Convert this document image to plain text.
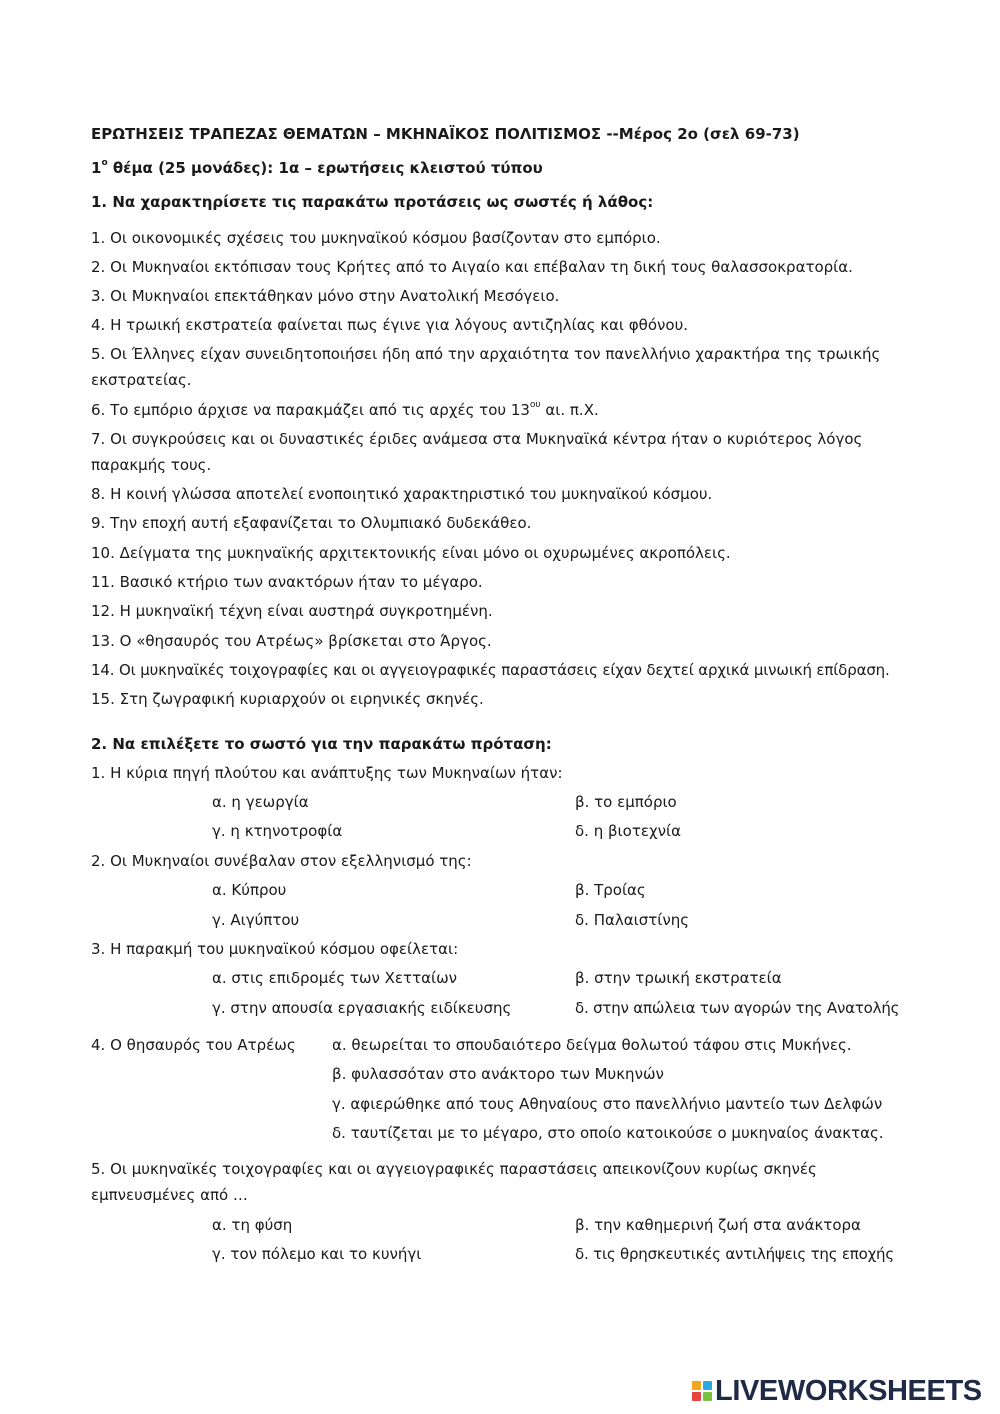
ΕΡΩΤΗΣΕΙΣ ΤΡΑΠΕΖΑΣ ΘΕΜΑΤΩΝ – ΜΚΗΝΑΪΚΟΣ ΠΟΛΙΤΙΣΜΟΣ --Μέρος 2ο (σελ 69-73)
$1^o$ θέμα (25 μονάδες): 1α – ερωτήσεις κλειστού τύπου
1. Να χαρακτηρίσετε τις παρακάτω προτάσεις ως σωστές ή λάθος:
1. Οι οικονομικές σχέσεις του μυκηναϊκού κόσμου βασίζονταν στο εμπόριο.
2. Οι Μυκηναίοι εκτόπισαν τους Κρήτες από το Αιγαίο και επέβαλαν τη δική τους θαλασσοκρατορία.
3. Οι Μυκηναίοι επεκτάθηκαν μόνο στην Ανατολική Μεσόγειο.
4. Η τρωική εκστρατεία φαίνεται πως έγινε για λόγους αντιζηλίας και φθόνου.
5. Οι Έλληνες είχαν συνειδητοποιήσει ήδη από την αρχαιότητα τον πανελλήνιο χαρακτήρα της τρωικής εκστρατείας.
6. Το εμπόριο άρχισε να παρακμάζει από τις αρχές του $13^{o\upsilon}$ αι. π.Χ.
7. Οι συγκρούσεις και οι δυναστικές έριδες ανάμεσα στα Μυκηναϊκά κέντρα ήταν ο κυριότερος λόγος παρακμής τους.
8. Η κοινή γλώσσα αποτελεί ενοποιητικό χαρακτηριστικό του μυκηναϊκού κόσμου.
9. Την εποχή αυτή εξαφανίζεται το Ολυμπιακό δυδεκάθεο.
10. Δείγματα της μυκηναϊκής αρχιτεκτονικής είναι μόνο οι οχυρωμένες ακροπόλεις.
11. Βασικό κτήριο των ανακτόρων ήταν το μέγαρο.
12. Η μυκηναϊκή τέχνη είναι αυστηρά συγκροτημένη.
13. Ο «θησαυρός του Ατρέως» βρίσκεται στο Άργος.
14. Οι μυκηναϊκές τοιχογραφίες και οι αγγειογραφικές παραστάσεις είχαν δεχτεί αρχικά μινωική επίδραση.
15. Στη ζωγραφική κυριαρχούν οι ειρηνικές σκηνές.
2. Να επιλέξετε το σωστό για την παρακάτω πρόταση:
1. Η κύρια πηγή πλούτου και ανάπτυξης των Μυκηναίων ήταν:
α. η γεωργία	β. το εμπόριο
γ. η κτηνοτροφία	δ. η βιοτεχνία
2. Οι Μυκηναίοι συνέβαλαν στον εξελληνισμό της:
α. Κύπρου	β. Τροίας
γ. Αιγύπτου	δ. Παλαιστίνης
3. Η παρακμή του μυκηναϊκού κόσμου οφείλεται:
α. στις επιδρομές των Χετταίων	β. στην τρωική εκστρατεία
γ. στην απουσία εργασιακής ειδίκευσης	δ. στην απώλεια των αγορών της Ανατολής
4. Ο θησαυρός του Ατρέως α. θεωρείται το σπουδαιότερο δείγμα θολωτού τάφου στις Μυκήνες.
β. φυλασσόταν στο ανάκτορο των Μυκηνών
γ. αφιερώθηκε από τους Αθηναίους στο πανελλήνιο μαντείο των Δελφών
δ. ταυτίζεται με το μέγαρο, στο οποίο κατοικούσε ο μυκηναίος άνακτας.
5. Οι μυκηναϊκές τοιχογραφίες και οι αγγειογραφικές παραστάσεις απεικονίζουν κυρίως σκηνές εμπνευσμένες από …
α. τη φύση	β. την καθημερινή ζωή στα ανάκτορα
γ. τον πόλεμο και το κυνήγι	δ. τις θρησκευτικές αντιλήψεις της εποχής
LIVEWORKSHEETS
